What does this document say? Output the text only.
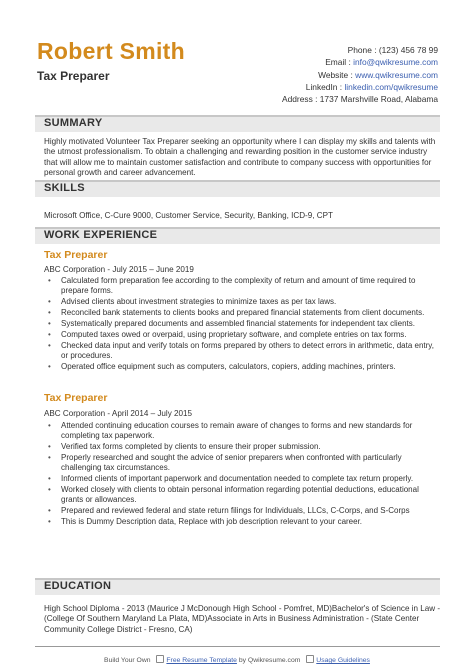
Robert Smith
Tax Preparer
Phone : (123) 456 78 99
Email : info@qwikresume.com
Website : www.qwikresume.com
LinkedIn : linkedin.com/qwikresume
Address : 1737 Marshville Road, Alabama
SUMMARY
Highly motivated Volunteer Tax Preparer seeking an opportunity where I can display my skills and talents with the utmost professionalism. To obtain a challenging and rewarding position in the customer service industry that will allow me to maintain customer satisfaction and contribute to company success with opportunities for personal growth and career advancement.
SKILLS
Microsoft Office, C-Cure 9000, Customer Service, Security, Banking, ICD-9, CPT
WORK EXPERIENCE
Tax Preparer
ABC Corporation - July 2015 – June 2019
• Calculated form preparation fee according to the complexity of return and amount of time required to prepare forms.
• Advised clients about investment strategies to minimize taxes as per tax laws.
• Reconciled bank statements to clients books and prepared financial statements from client documents.
• Systematically prepared documents and assembled financial statements for independent tax clients.
• Computed taxes owed or overpaid, using proprietary software, and complete entries on tax forms.
• Checked data input and verify totals on forms prepared by others to detect errors in arithmetic, data entry, or procedures.
• Operated office equipment such as computers, calculators, copiers, adding machines, printers.
Tax Preparer
ABC Corporation - April 2014 – July 2015
• Attended continuing education courses to remain aware of changes to forms and new standards for completing tax paperwork.
• Verified tax forms completed by clients to ensure their proper submission.
• Properly researched and sought the advice of senior preparers when confronted with particularly challenging tax circumstances.
• Informed clients of important paperwork and documentation needed to complete tax return properly.
• Worked closely with clients to obtain personal information regarding potential deductions, educational grants or allowances.
• Prepared and reviewed federal and state return filings for Individuals, LLCs, C-Corps, and S-Corps
• This is Dummy Description data, Replace with job description relevant to your career.
EDUCATION
High School Diploma - 2013 (Maurice J McDonough High School - Pomfret, MD)Bachelor's of Science in Law - (College Of Southern Maryland La Plata, MD)Associate in Arts in Business Administration - (State Center Community College District - Fresno, CA)
Build Your Own Free Resume Template by Qwikresume.com Usage Guidelines
